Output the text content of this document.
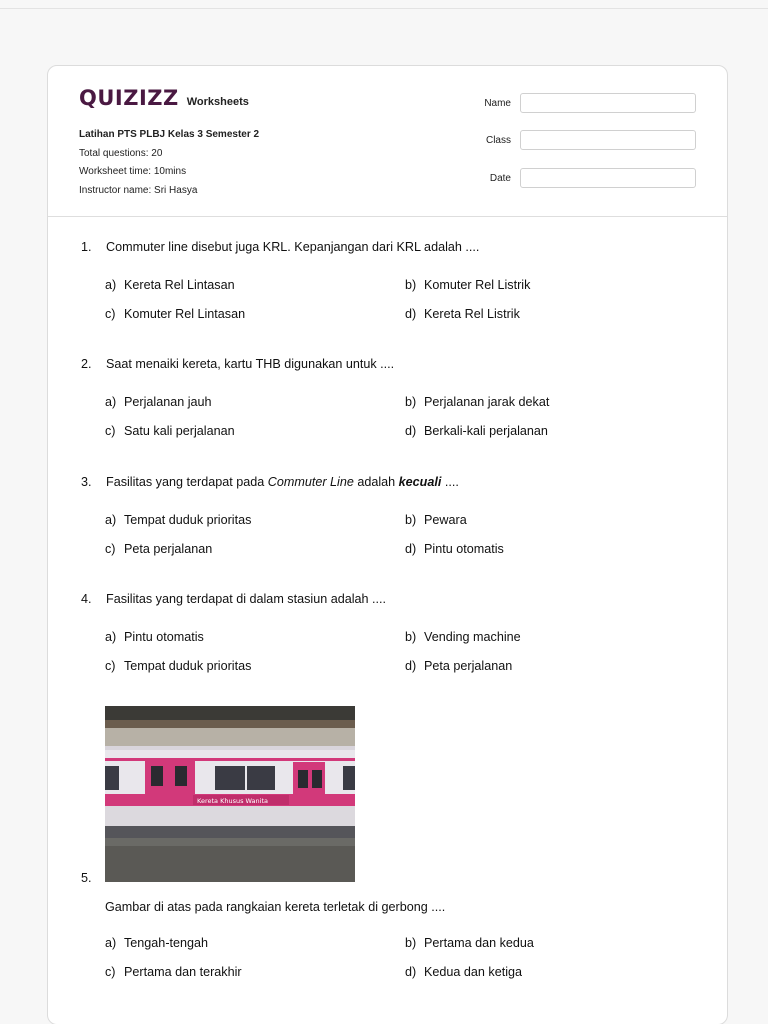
QUIZIZZ Worksheets
Latihan PTS PLBJ Kelas 3 Semester 2
Total questions: 20
Worksheet time: 10mins
Instructor name: Sri Hasya
Name
Class
Date
1. Commuter line disebut juga KRL. Kepanjangan dari KRL adalah ....
a) Kereta Rel Lintasan	b) Komuter Rel Listrik
c) Komuter Rel Lintasan	d) Kereta Rel Listrik
2. Saat menaiki kereta, kartu THB digunakan untuk ....
a) Perjalanan jauh	b) Perjalanan jarak dekat
c) Satu kali perjalanan	d) Berkali-kali perjalanan
3. Fasilitas yang terdapat pada Commuter Line adalah kecuali ....
a) Tempat duduk prioritas	b) Pewara
c) Peta perjalanan	d) Pintu otomatis
4. Fasilitas yang terdapat di dalam stasiun adalah ....
a) Pintu otomatis	b) Vending machine
c) Tempat duduk prioritas	d) Peta perjalanan
Kereta Khusus Wanita
5.
Gambar di atas pada rangkaian kereta terletak di gerbong ....
a) Tengah-tengah	b) Pertama dan kedua
c) Pertama dan terakhir	d) Kedua dan ketiga
